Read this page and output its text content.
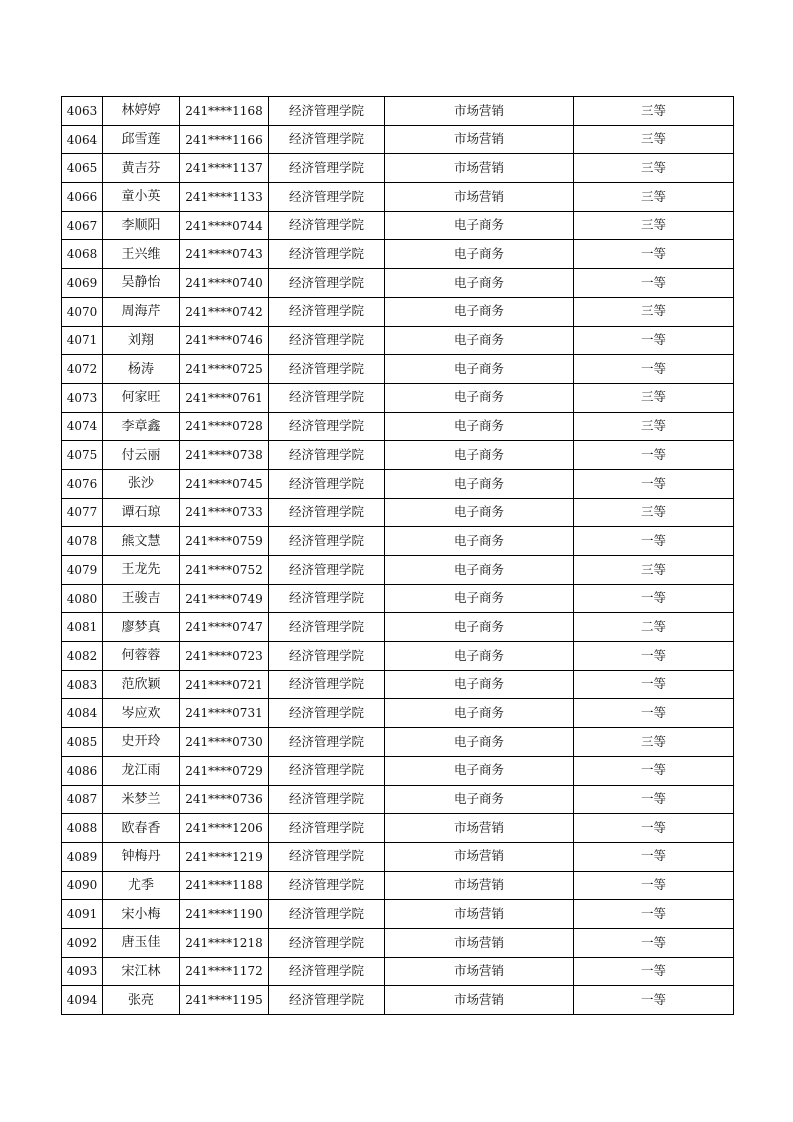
4063	林婷婷	241****1168	经济管理学院	市场营销	三等
4064	邱雪莲	241****1166	经济管理学院	市场营销	三等
4065	黄吉芬	241****1137	经济管理学院	市场营销	三等
4066	童小英	241****1133	经济管理学院	市场营销	三等
4067	李顺阳	241****0744	经济管理学院	电子商务	三等
4068	王兴维	241****0743	经济管理学院	电子商务	一等
4069	吴静怡	241****0740	经济管理学院	电子商务	一等
4070	周海芹	241****0742	经济管理学院	电子商务	三等
4071	刘翔	241****0746	经济管理学院	电子商务	一等
4072	杨涛	241****0725	经济管理学院	电子商务	一等
4073	何家旺	241****0761	经济管理学院	电子商务	三等
4074	李章鑫	241****0728	经济管理学院	电子商务	三等
4075	付云丽	241****0738	经济管理学院	电子商务	一等
4076	张沙	241****0745	经济管理学院	电子商务	一等
4077	谭石琼	241****0733	经济管理学院	电子商务	三等
4078	熊文慧	241****0759	经济管理学院	电子商务	一等
4079	王龙先	241****0752	经济管理学院	电子商务	三等
4080	王骏吉	241****0749	经济管理学院	电子商务	一等
4081	廖梦真	241****0747	经济管理学院	电子商务	二等
4082	何蓉蓉	241****0723	经济管理学院	电子商务	一等
4083	范欣颖	241****0721	经济管理学院	电子商务	一等
4084	岑应欢	241****0731	经济管理学院	电子商务	一等
4085	史开玲	241****0730	经济管理学院	电子商务	三等
4086	龙江雨	241****0729	经济管理学院	电子商务	一等
4087	米梦兰	241****0736	经济管理学院	电子商务	一等
4088	欧春香	241****1206	经济管理学院	市场营销	一等
4089	钟梅丹	241****1219	经济管理学院	市场营销	一等
4090	尤季	241****1188	经济管理学院	市场营销	一等
4091	宋小梅	241****1190	经济管理学院	市场营销	一等
4092	唐玉佳	241****1218	经济管理学院	市场营销	一等
4093	宋江林	241****1172	经济管理学院	市场营销	一等
4094	张亮	241****1195	经济管理学院	市场营销	一等
